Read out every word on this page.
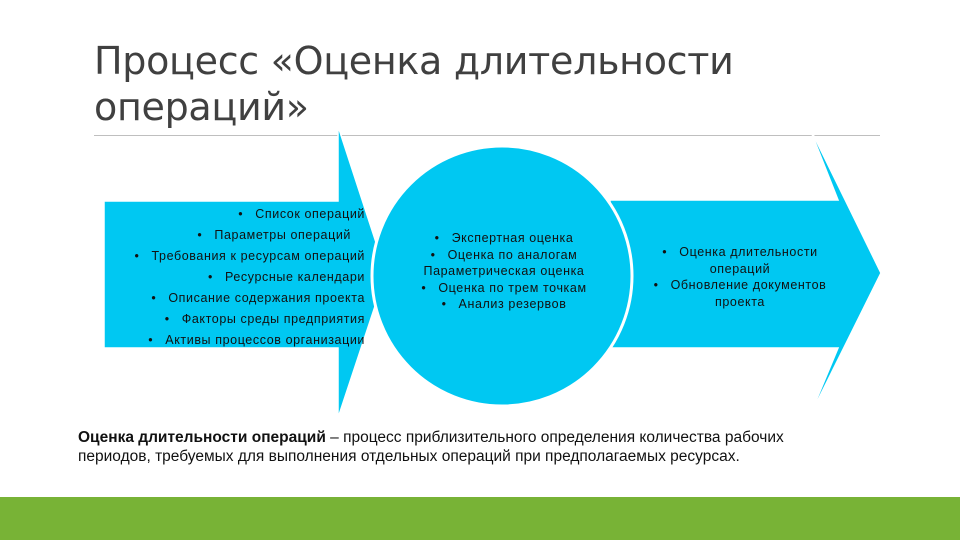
Процесс «Оценка длительности
операций»
• Список операций
• Параметры операций
• Требования к ресурсам операций
• Ресурсные календари
• Описание содержания проекта
• Факторы среды предприятия
• Активы процессов организации
• Экспертная оценка
• Оценка по аналогам
Параметрическая оценка
• Оценка по трем точкам
• Анализ резервов
• Оценка длительности операций
• Обновление документов проекта

Оценка длительности операций – процесс приблизительного определения количества рабочих периодов, требуемых для выполнения отдельных операций при предполагаемых ресурсах.
